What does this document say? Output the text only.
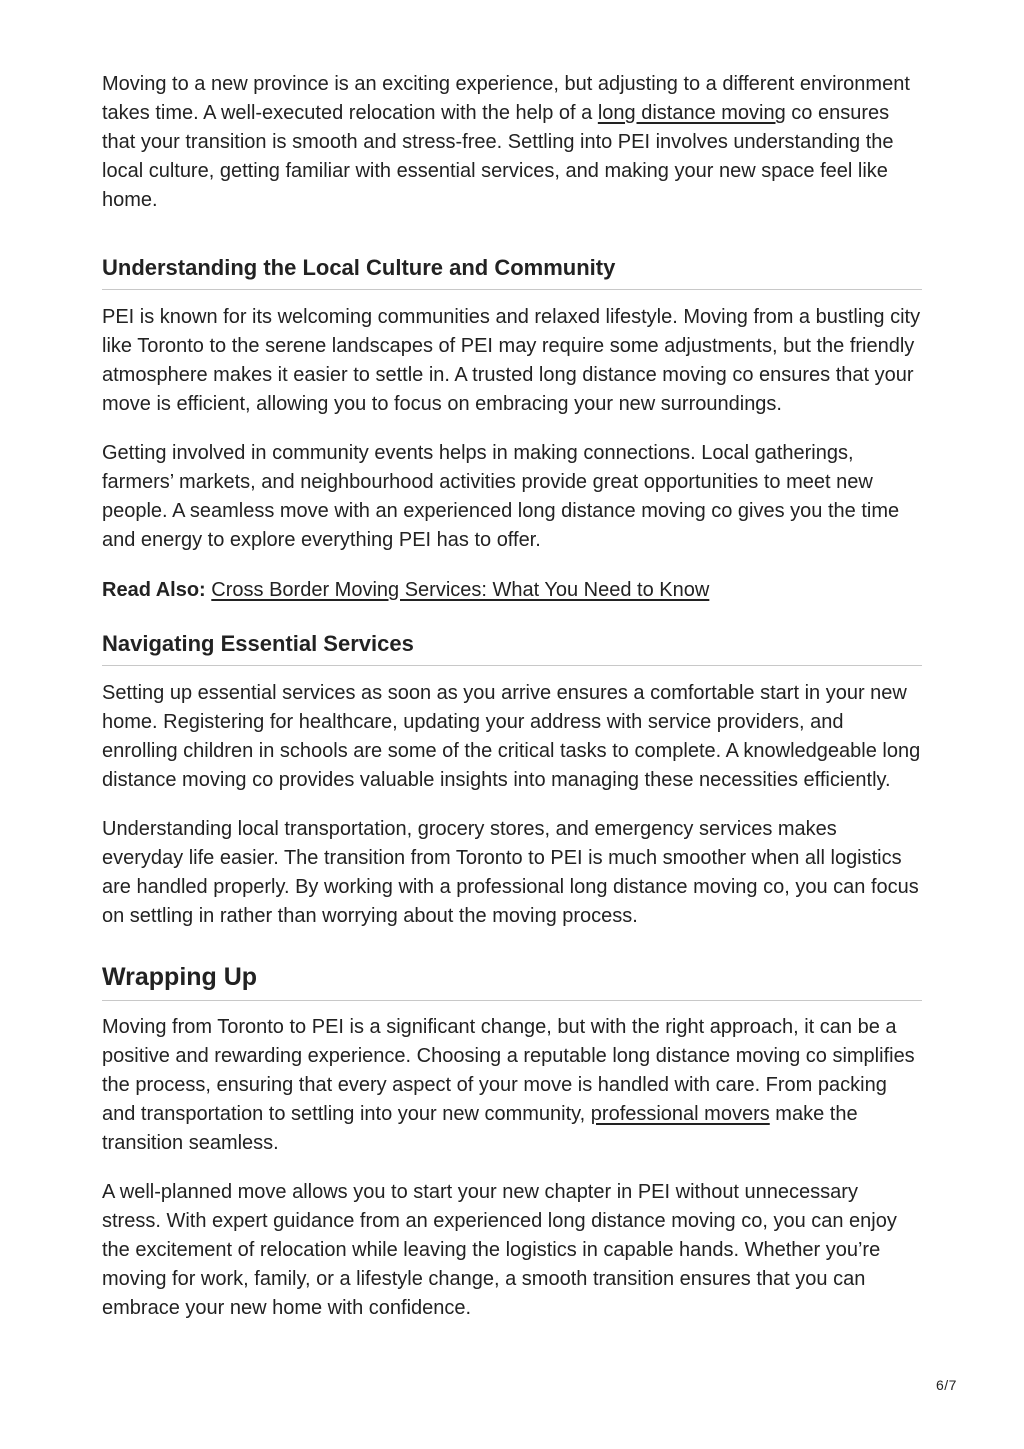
Moving to a new province is an exciting experience, but adjusting to a different environment takes time. A well-executed relocation with the help of a long distance moving co ensures that your transition is smooth and stress-free. Settling into PEI involves understanding the local culture, getting familiar with essential services, and making your new space feel like home.

Understanding the Local Culture and Community

PEI is known for its welcoming communities and relaxed lifestyle. Moving from a bustling city like Toronto to the serene landscapes of PEI may require some adjustments, but the friendly atmosphere makes it easier to settle in. A trusted long distance moving co ensures that your move is efficient, allowing you to focus on embracing your new surroundings.

Getting involved in community events helps in making connections. Local gatherings, farmers’ markets, and neighbourhood activities provide great opportunities to meet new people. A seamless move with an experienced long distance moving co gives you the time and energy to explore everything PEI has to offer.

Read Also: Cross Border Moving Services: What You Need to Know

Navigating Essential Services

Setting up essential services as soon as you arrive ensures a comfortable start in your new home. Registering for healthcare, updating your address with service providers, and enrolling children in schools are some of the critical tasks to complete. A knowledgeable long distance moving co provides valuable insights into managing these necessities efficiently.

Understanding local transportation, grocery stores, and emergency services makes everyday life easier. The transition from Toronto to PEI is much smoother when all logistics are handled properly. By working with a professional long distance moving co, you can focus on settling in rather than worrying about the moving process.

Wrapping Up

Moving from Toronto to PEI is a significant change, but with the right approach, it can be a positive and rewarding experience. Choosing a reputable long distance moving co simplifies the process, ensuring that every aspect of your move is handled with care. From packing and transportation to settling into your new community, professional movers make the transition seamless.

A well-planned move allows you to start your new chapter in PEI without unnecessary stress. With expert guidance from an experienced long distance moving co, you can enjoy the excitement of relocation while leaving the logistics in capable hands. Whether you’re moving for work, family, or a lifestyle change, a smooth transition ensures that you can embrace your new home with confidence.

6/7
